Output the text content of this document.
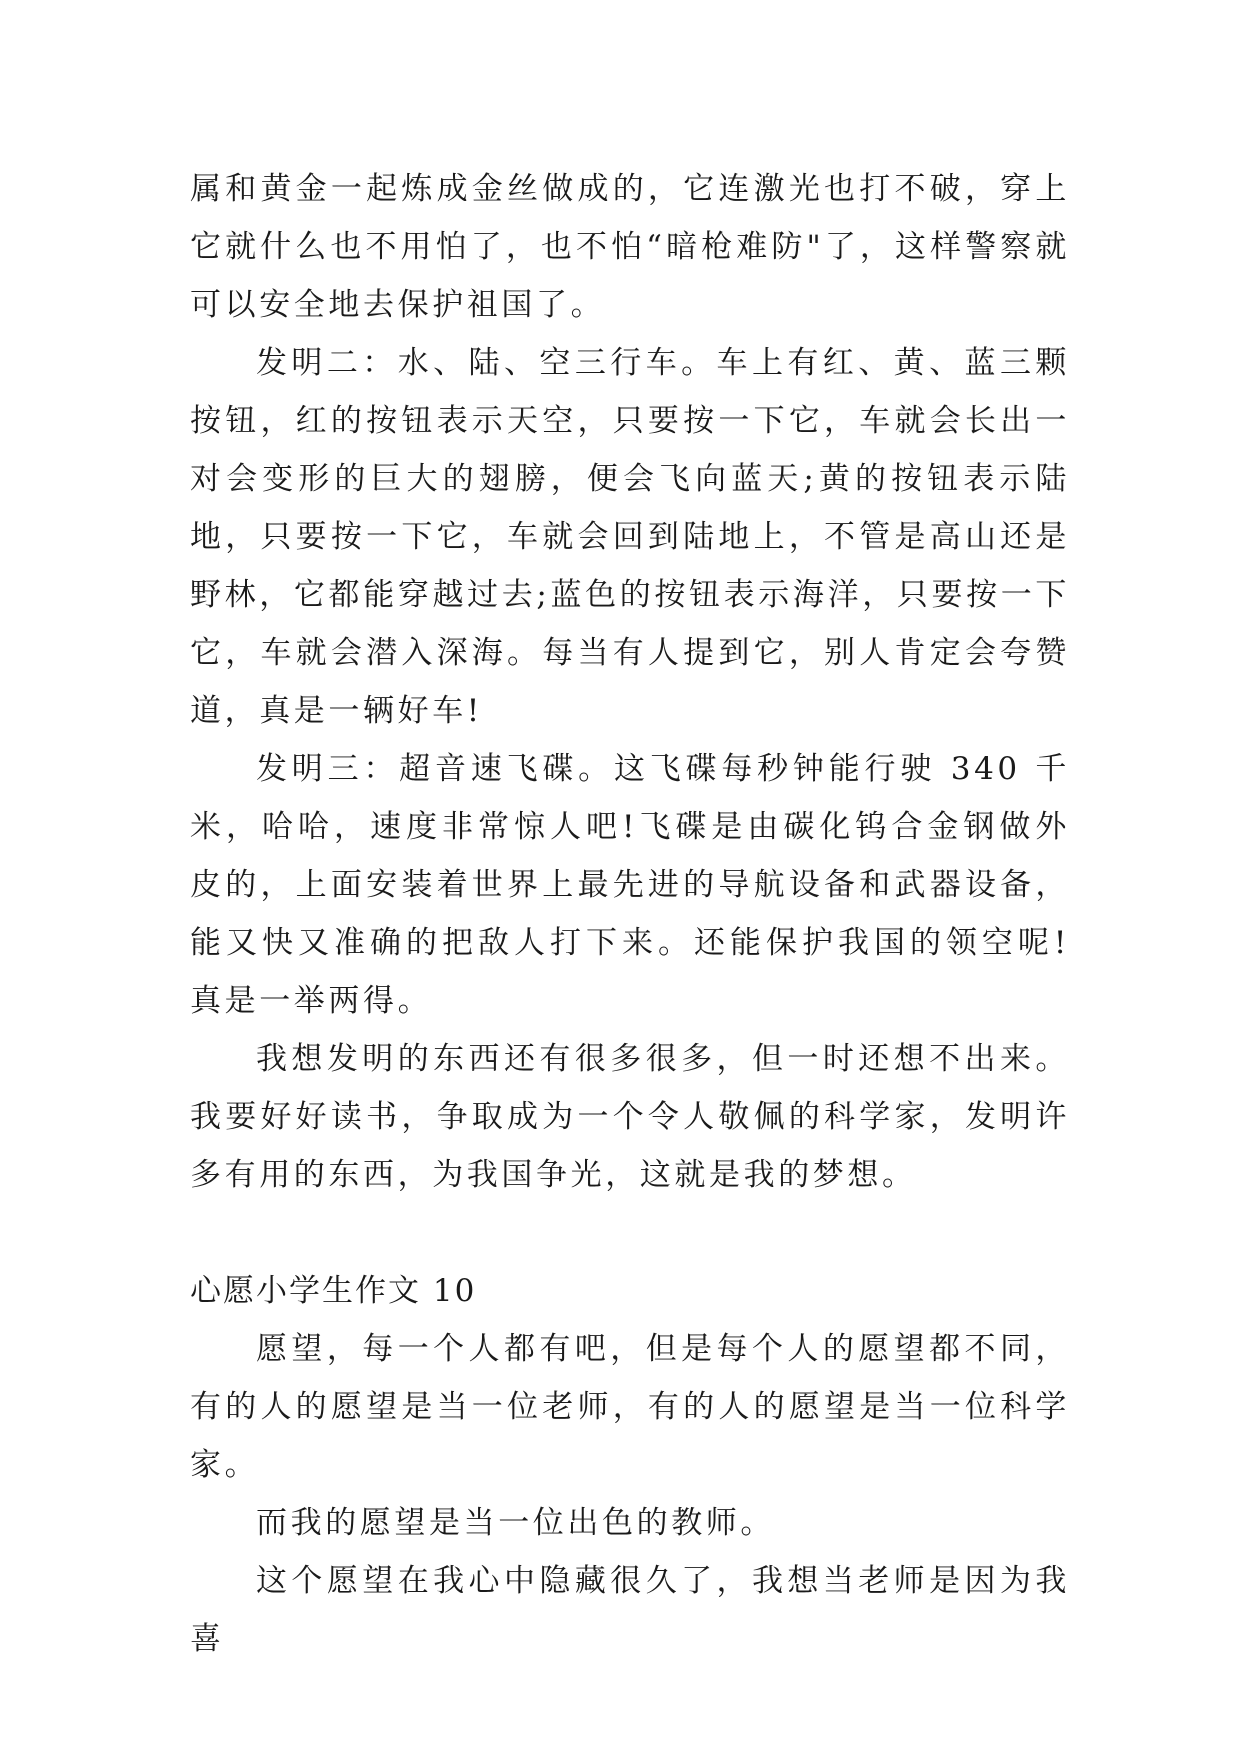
属和黄金一起炼成金丝做成的，它连激光也打不破，穿上它就什么也不用怕了，也不怕“暗枪难防"了，这样警察就可以安全地去保护祖国了。

发明二：水、陆、空三行车。车上有红、黄、蓝三颗按钮，红的按钮表示天空，只要按一下它，车就会长出一对会变形的巨大的翅膀，便会飞向蓝天;黄的按钮表示陆地，只要按一下它，车就会回到陆地上，不管是高山还是野林，它都能穿越过去;蓝色的按钮表示海洋，只要按一下它，车就会潜入深海。每当有人提到它，别人肯定会夸赞道，真是一辆好车!

发明三：超音速飞碟。这飞碟每秒钟能行驶 340 千米，哈哈，速度非常惊人吧!飞碟是由碳化钨合金钢做外皮的，上面安装着世界上最先进的导航设备和武器设备，能又快又准确的把敌人打下来。还能保护我国的领空呢!真是一举两得。

我想发明的东西还有很多很多，但一时还想不出来。我要好好读书，争取成为一个令人敬佩的科学家，发明许多有用的东西，为我国争光，这就是我的梦想。

心愿小学生作文 10

愿望，每一个人都有吧，但是每个人的愿望都不同，有的人的愿望是当一位老师，有的人的愿望是当一位科学家。

而我的愿望是当一位出色的教师。

这个愿望在我心中隐藏很久了，我想当老师是因为我喜
